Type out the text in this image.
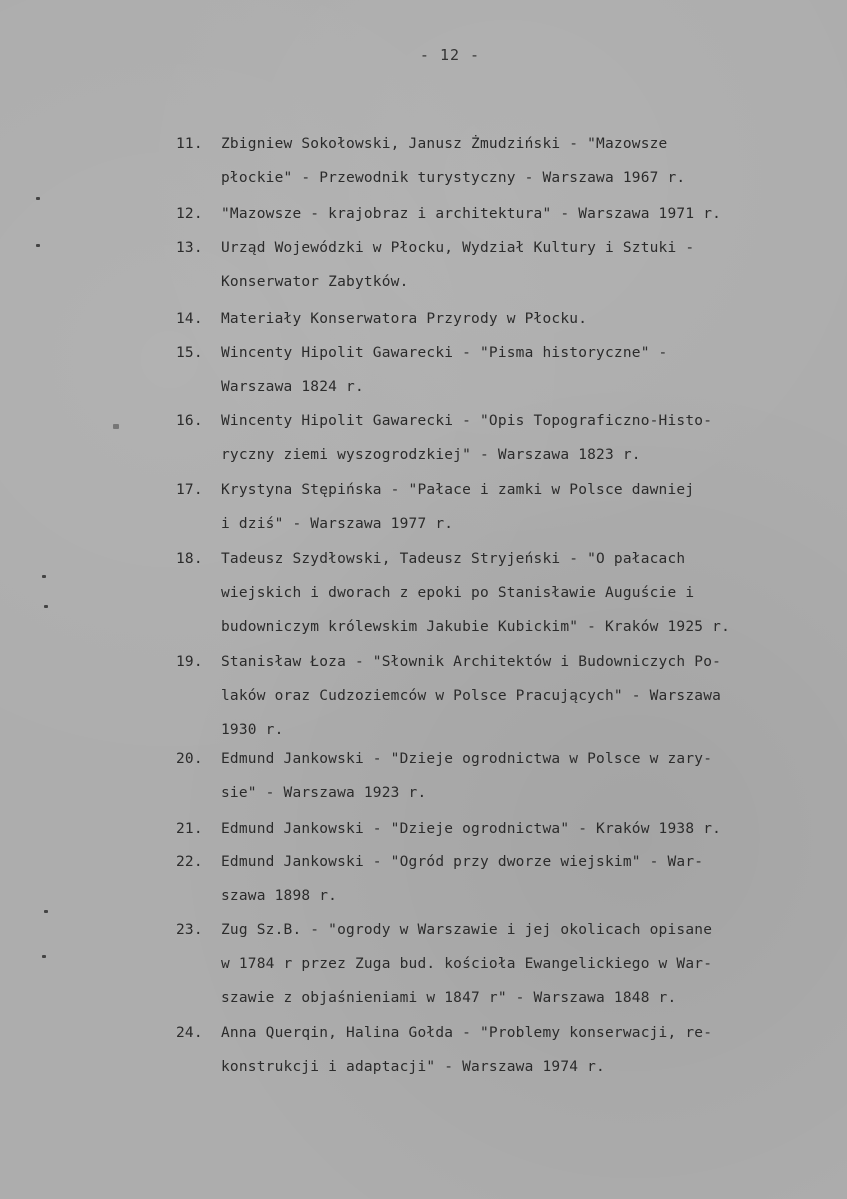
- 12 -
11.	Zbigniew Sokołowski, Janusz Żmudziński - "Mazowsze
płockie" - Przewodnik turystyczny - Warszawa 1967 r.
12.	"Mazowsze - krajobraz i architektura" - Warszawa 1971 r.
13.	Urząd Wojewódzki w Płocku, Wydział Kultury i Sztuki -
Konserwator Zabytków.
14.	Materiały Konserwatora Przyrody w Płocku.
15.	Wincenty Hipolit Gawarecki - "Pisma historyczne" -
Warszawa 1824 r.
16.	Wincenty Hipolit Gawarecki - "Opis Topograficzno-Histo-
ryczny ziemi wyszogrodzkiej" - Warszawa 1823 r.
17.	Krystyna Stępińska - "Pałace i zamki w Polsce dawniej
i dziś" - Warszawa 1977 r.
18.	Tadeusz Szydłowski, Tadeusz Stryjeński - "O pałacach
wiejskich i dworach z epoki po Stanisławie Auguście i
budowniczym królewskim Jakubie Kubickim" - Kraków 1925 r.
19.	Stanisław Łoza - "Słownik Architektów i Budowniczych Po-
laków oraz Cudzoziemców w Polsce Pracujących" - Warszawa
1930 r.
20.	Edmund Jankowski - "Dzieje ogrodnictwa w Polsce w zary-
sie" - Warszawa 1923 r.
21.	Edmund Jankowski - "Dzieje ogrodnictwa" - Kraków 1938 r.
22.	Edmund Jankowski - "Ogród przy dworze wiejskim" - War-
szawa 1898 r.
23.	Zug Sz.B. - "ogrody w Warszawie i jej okolicach opisane
w 1784 r przez Zuga bud. kościoła Ewangelickiego w War-
szawie z objaśnieniami w 1847 r" - Warszawa 1848 r.
24.	Anna Querqin, Halina Gołda - "Problemy konserwacji, re-
konstrukcji i adaptacji" - Warszawa 1974 r.
